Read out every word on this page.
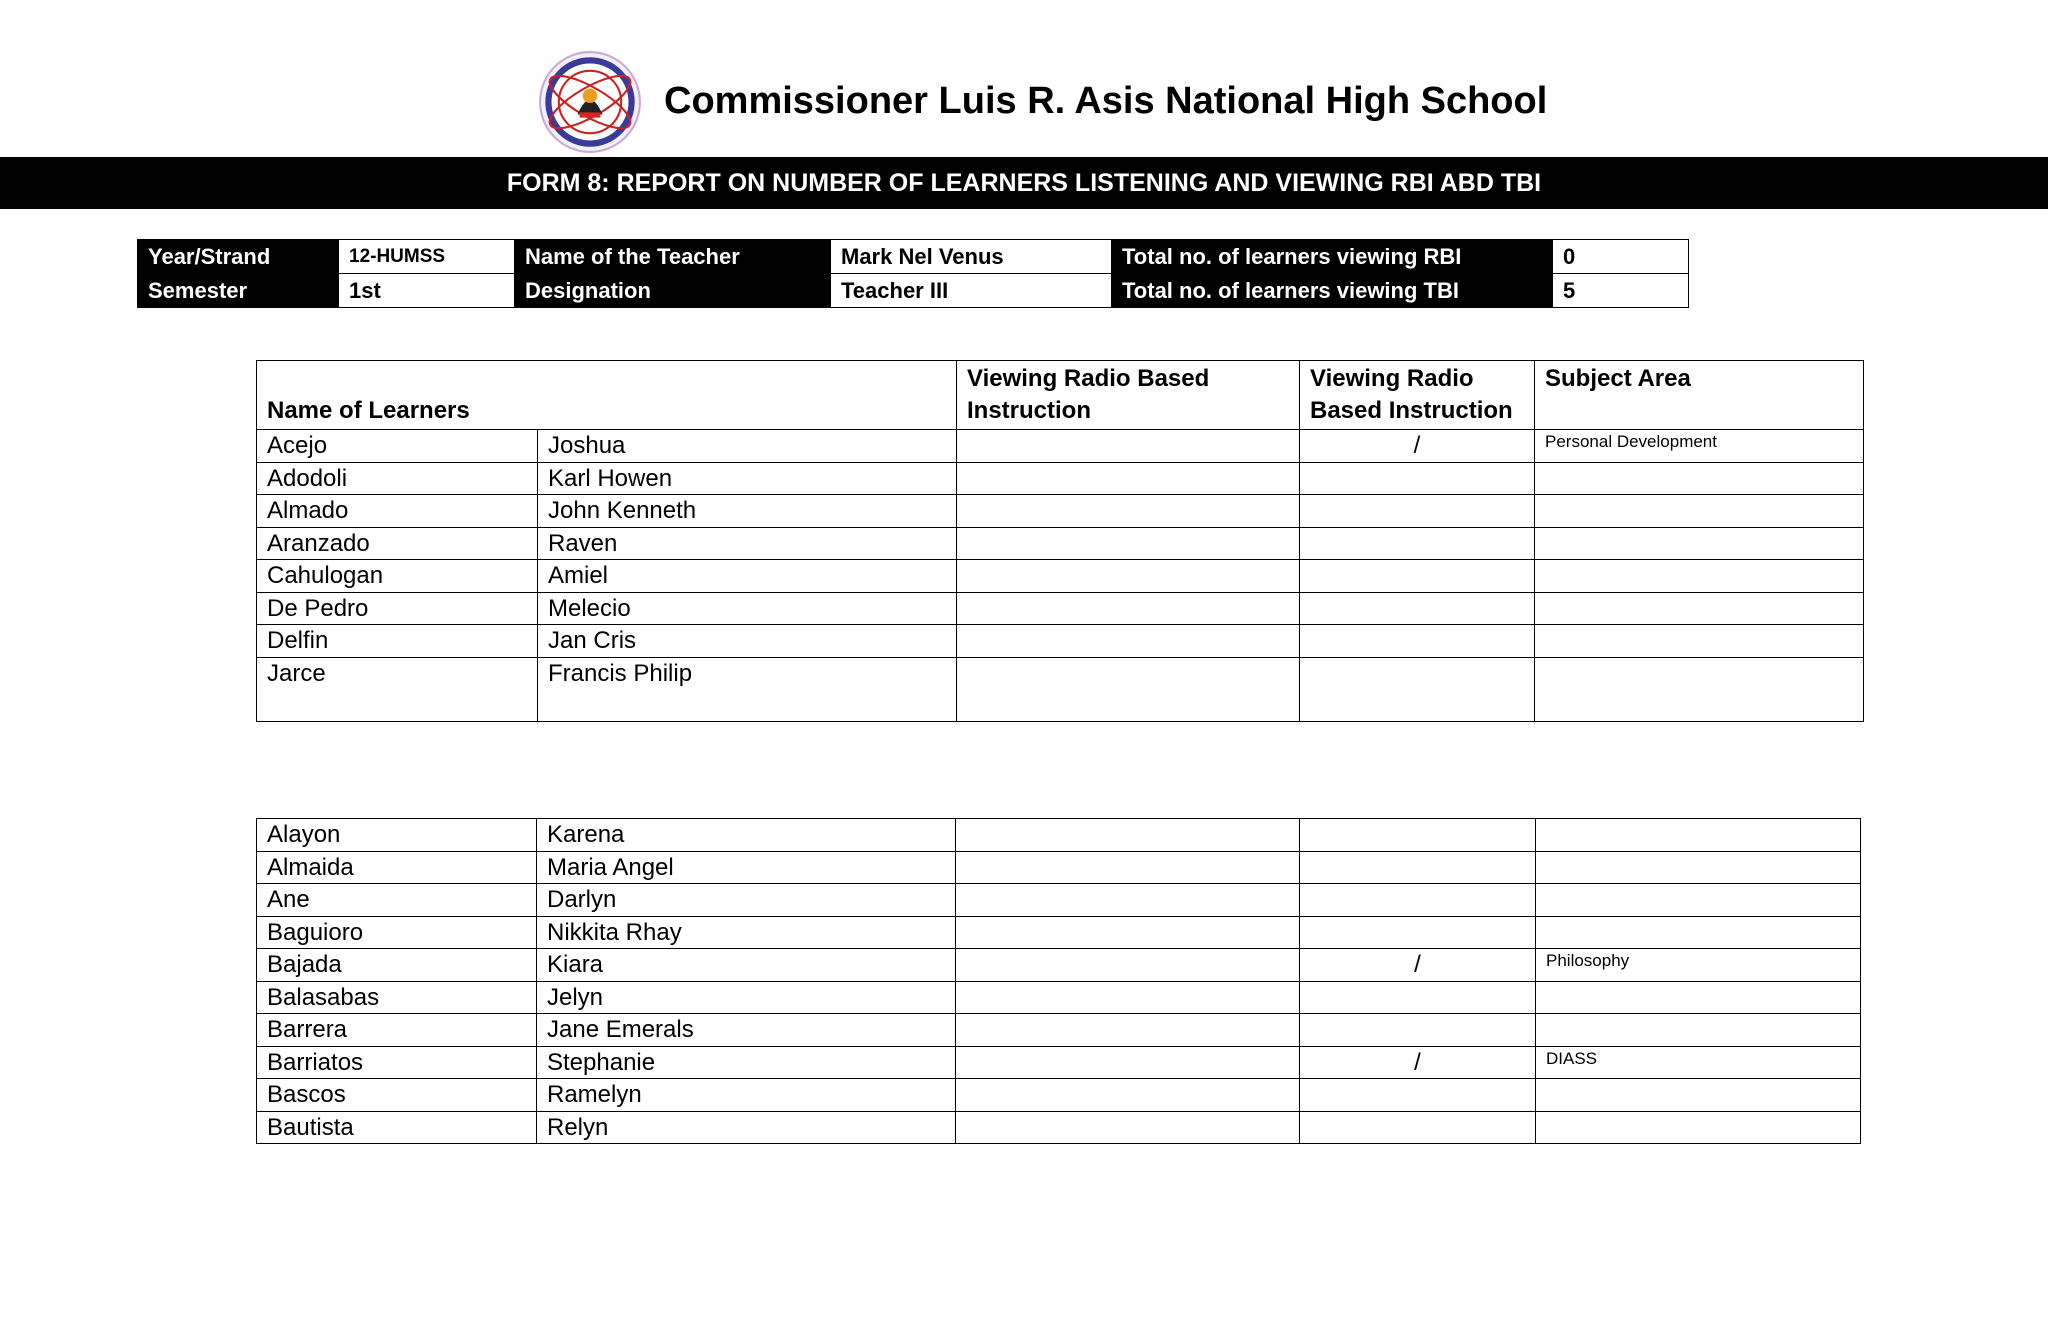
Commissioner Luis R. Asis National High School
FORM 8: REPORT ON NUMBER OF LEARNERS LISTENING AND VIEWING RBI ABD TBI
Year/Strand	12-HUMSS	Name of the Teacher	Mark Nel Venus	Total no. of learners viewing RBI	0
Semester	1st	Designation	Teacher III	Total no. of learners viewing TBI	5
Name of Learners		Viewing Radio Based Instruction	Viewing Radio Based Instruction	Subject Area
Acejo	Joshua		/	Personal Development
Adodoli	Karl Howen			
Almado	John Kenneth			
Aranzado	Raven			
Cahulogan	Amiel			
De Pedro	Melecio			
Delfin	Jan Cris			
Jarce	Francis Philip			
Alayon	Karena			
Almaida	Maria Angel			
Ane	Darlyn			
Baguioro	Nikkita Rhay			
Bajada	Kiara		/	Philosophy
Balasabas	Jelyn			
Barrera	Jane Emerals			
Barriatos	Stephanie		/	DIASS
Bascos	Ramelyn			
Bautista	Relyn			
